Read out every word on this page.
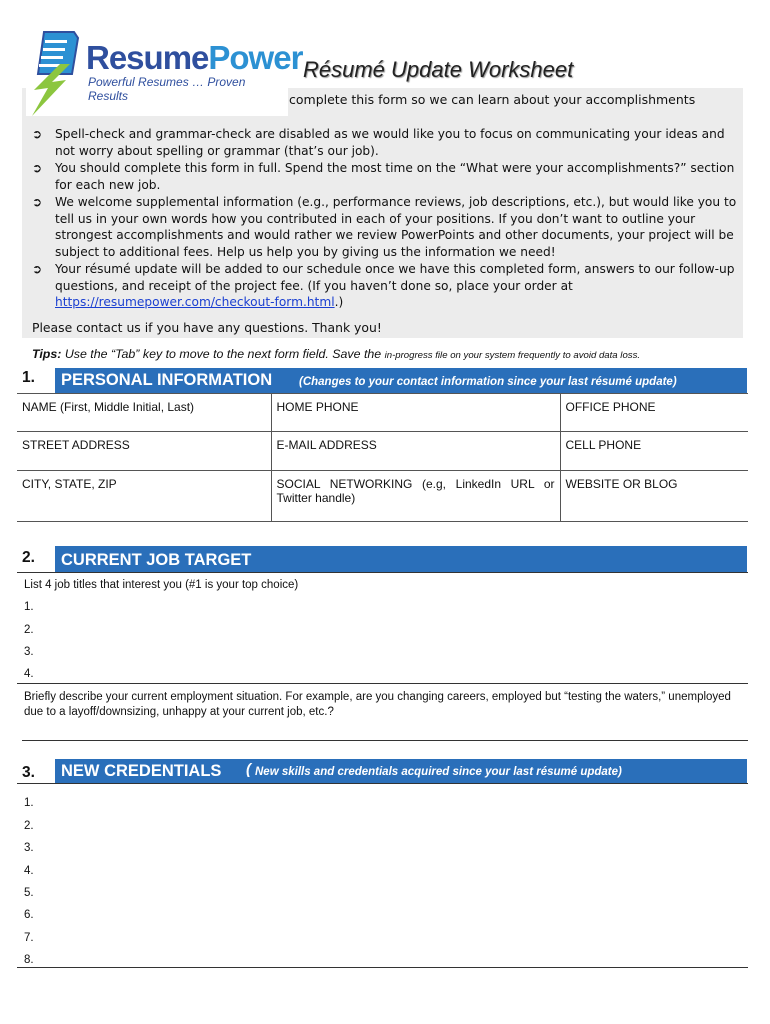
ResumePower
Powerful Resumes … Proven Results
Résumé Update Worksheet
complete this form so we can learn about your accomplishments
➲ Spell-check and grammar-check are disabled as we would like you to focus on communicating your ideas and not worry about spelling or grammar (that’s our job).
➲ You should complete this form in full. Spend the most time on the “What were your accomplishments?” section for each new job.
➲ We welcome supplemental information (e.g., performance reviews, job descriptions, etc.), but would like you to tell us in your own words how you contributed in each of your positions. If you don’t want to outline your strongest accomplishments and would rather we review PowerPoints and other documents, your project will be subject to additional fees. Help us help you by giving us the information we need!
➲ Your résumé update will be added to our schedule once we have this completed form, answers to our follow-up questions, and receipt of the project fee. (If you haven’t done so, place your order at
https://resumepower.com/checkout-form.html.)
Please contact us if you have any questions. Thank you!
Tips: Use the “Tab” key to move to the next form field. Save the in-progress file on your system frequently to avoid data loss.
1. PERSONAL INFORMATION (Changes to your contact information since your last résumé update)
NAME (First, Middle Initial, Last)	HOME PHONE	OFFICE PHONE
STREET ADDRESS	E-MAIL ADDRESS	CELL PHONE
CITY, STATE, ZIP	SOCIAL NETWORKING (e.g, LinkedIn URL or Twitter handle)	WEBSITE OR BLOG
2. CURRENT JOB TARGET
List 4 job titles that interest you (#1 is your top choice)
1.
2.
3.
4.
Briefly describe your current employment situation. For example, are you changing careers, employed but “testing the waters,” unemployed due to a layoff/downsizing, unhappy at your current job, etc.?
3. NEW CREDENTIALS ( New skills and credentials acquired since your last résumé update)
1.
2.
3.
4.
5.
6.
7.
8.
